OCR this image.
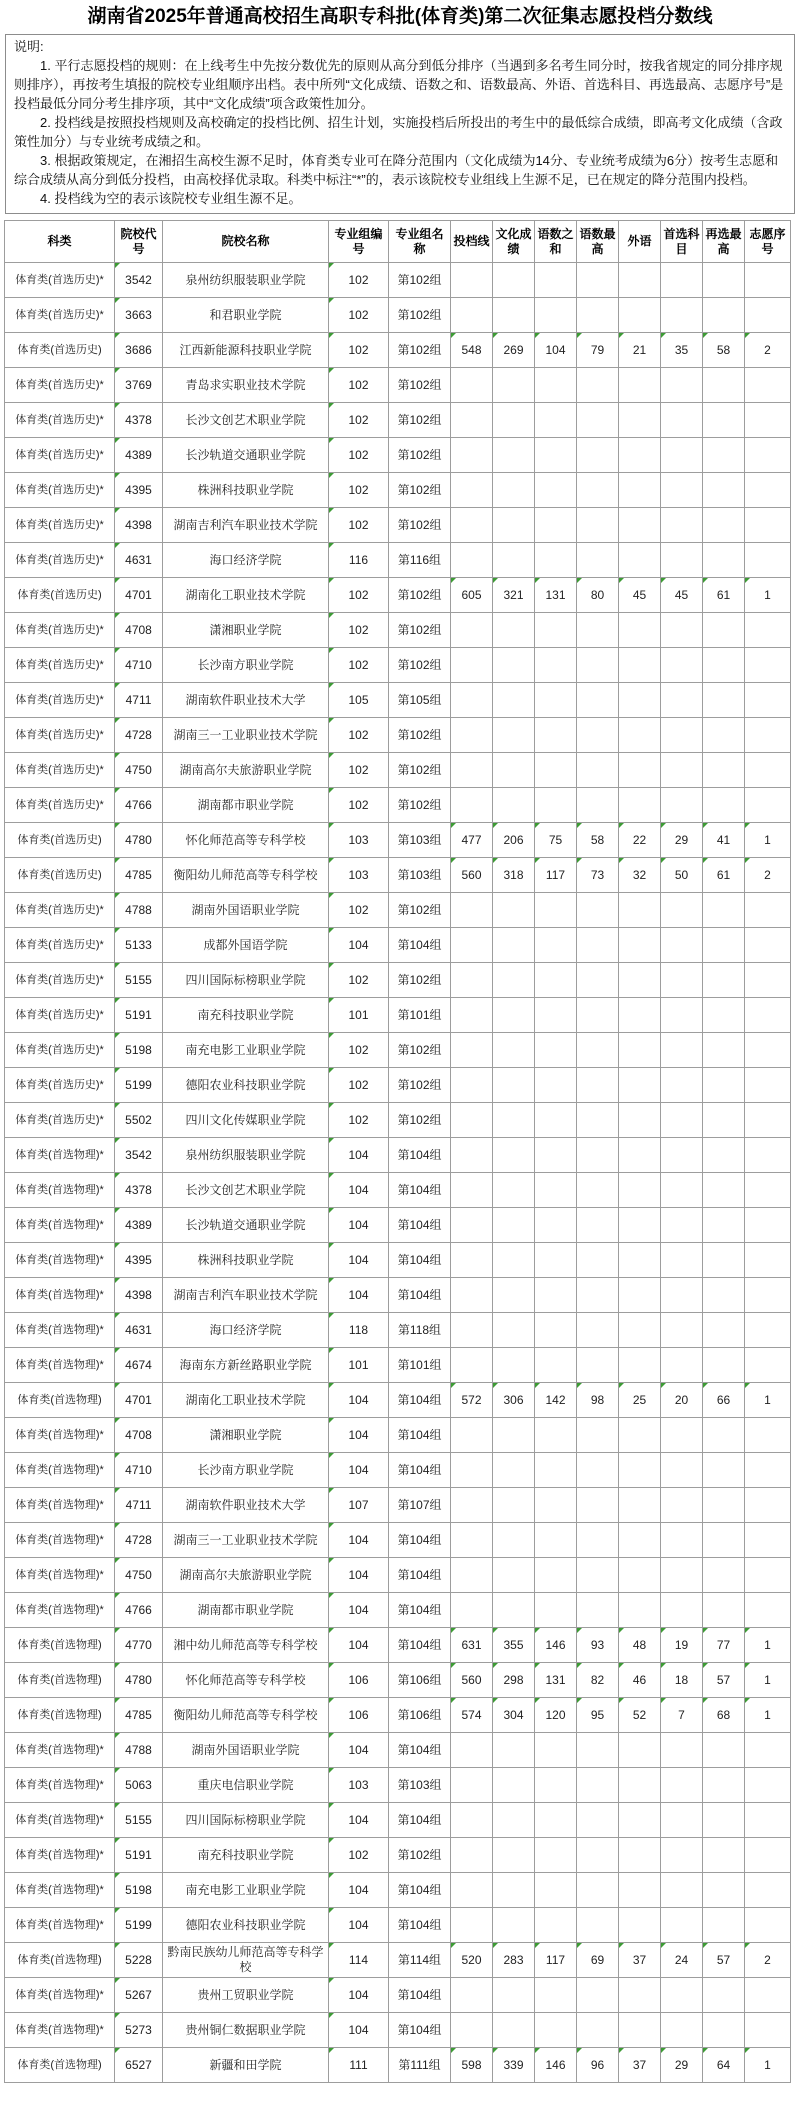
湖南省2025年普通高校招生高职专科批(体育类)第二次征集志愿投档分数线

说明:

1. 平行志愿投档的规则：在上线考生中先按分数优先的原则从高分到低分排序（当遇到多名考生同分时，按我省规定的同分排序规则排序），再按考生填报的院校专业组顺序出档。表中所列“文化成绩、语数之和、语数最高、外语、首选科目、再选最高、志愿序号”是投档最低分同分考生排序项，其中“文化成绩”项含政策性加分。

2. 投档线是按照投档规则及高校确定的投档比例、招生计划，实施投档后所投出的考生中的最低综合成绩，即高考文化成绩（含政策性加分）与专业统考成绩之和。

3. 根据政策规定，在湘招生高校生源不足时，体育类专业可在降分范围内（文化成绩为14分、专业统考成绩为6分）按考生志愿和综合成绩从高分到低分投档，由高校择优录取。科类中标注“*”的，表示该院校专业组线上生源不足，已在规定的降分范围内投档。

4. 投档线为空的表示该院校专业组生源不足。

科类	院校代号	院校名称	专业组编号	专业组名称	投档线	文化成绩	语数之和	语数最高	外语	首选科目	再选最高	志愿序号
体育类(首选历史)*	3542	泉州纺织服装职业学院	102	第102组								
体育类(首选历史)*	3663	和君职业学院	102	第102组								
体育类(首选历史)	3686	江西新能源科技职业学院	102	第102组	548	269	104	79	21	35	58	2
体育类(首选历史)*	3769	青岛求实职业技术学院	102	第102组								
体育类(首选历史)*	4378	长沙文创艺术职业学院	102	第102组								
体育类(首选历史)*	4389	长沙轨道交通职业学院	102	第102组								
体育类(首选历史)*	4395	株洲科技职业学院	102	第102组								
体育类(首选历史)*	4398	湖南吉利汽车职业技术学院	102	第102组								
体育类(首选历史)*	4631	海口经济学院	116	第116组								
体育类(首选历史)	4701	湖南化工职业技术学院	102	第102组	605	321	131	80	45	45	61	1
体育类(首选历史)*	4708	潇湘职业学院	102	第102组								
体育类(首选历史)*	4710	长沙南方职业学院	102	第102组								
体育类(首选历史)*	4711	湖南软件职业技术大学	105	第105组								
体育类(首选历史)*	4728	湖南三一工业职业技术学院	102	第102组								
体育类(首选历史)*	4750	湖南高尔夫旅游职业学院	102	第102组								
体育类(首选历史)*	4766	湖南都市职业学院	102	第102组								
体育类(首选历史)	4780	怀化师范高等专科学校	103	第103组	477	206	75	58	22	29	41	1
体育类(首选历史)	4785	衡阳幼儿师范高等专科学校	103	第103组	560	318	117	73	32	50	61	2
体育类(首选历史)*	4788	湖南外国语职业学院	102	第102组								
体育类(首选历史)*	5133	成都外国语学院	104	第104组								
体育类(首选历史)*	5155	四川国际标榜职业学院	102	第102组								
体育类(首选历史)*	5191	南充科技职业学院	101	第101组								
体育类(首选历史)*	5198	南充电影工业职业学院	102	第102组								
体育类(首选历史)*	5199	德阳农业科技职业学院	102	第102组								
体育类(首选历史)*	5502	四川文化传媒职业学院	102	第102组								
体育类(首选物理)*	3542	泉州纺织服装职业学院	104	第104组								
体育类(首选物理)*	4378	长沙文创艺术职业学院	104	第104组								
体育类(首选物理)*	4389	长沙轨道交通职业学院	104	第104组								
体育类(首选物理)*	4395	株洲科技职业学院	104	第104组								
体育类(首选物理)*	4398	湖南吉利汽车职业技术学院	104	第104组								
体育类(首选物理)*	4631	海口经济学院	118	第118组								
体育类(首选物理)*	4674	海南东方新丝路职业学院	101	第101组								
体育类(首选物理)	4701	湖南化工职业技术学院	104	第104组	572	306	142	98	25	20	66	1
体育类(首选物理)*	4708	潇湘职业学院	104	第104组								
体育类(首选物理)*	4710	长沙南方职业学院	104	第104组								
体育类(首选物理)*	4711	湖南软件职业技术大学	107	第107组								
体育类(首选物理)*	4728	湖南三一工业职业技术学院	104	第104组								
体育类(首选物理)*	4750	湖南高尔夫旅游职业学院	104	第104组								
体育类(首选物理)*	4766	湖南都市职业学院	104	第104组								
体育类(首选物理)	4770	湘中幼儿师范高等专科学校	104	第104组	631	355	146	93	48	19	77	1
体育类(首选物理)	4780	怀化师范高等专科学校	106	第106组	560	298	131	82	46	18	57	1
体育类(首选物理)	4785	衡阳幼儿师范高等专科学校	106	第106组	574	304	120	95	52	7	68	1
体育类(首选物理)*	4788	湖南外国语职业学院	104	第104组								
体育类(首选物理)*	5063	重庆电信职业学院	103	第103组								
体育类(首选物理)*	5155	四川国际标榜职业学院	104	第104组								
体育类(首选物理)*	5191	南充科技职业学院	102	第102组								
体育类(首选物理)*	5198	南充电影工业职业学院	104	第104组								
体育类(首选物理)*	5199	德阳农业科技职业学院	104	第104组								
体育类(首选物理)	5228	黔南民族幼儿师范高等专科学校	114	第114组	520	283	117	69	37	24	57	2
体育类(首选物理)*	5267	贵州工贸职业学院	104	第104组								
体育类(首选物理)*	5273	贵州铜仁数据职业学院	104	第104组								
体育类(首选物理)	6527	新疆和田学院	111	第111组	598	339	146	96	37	29	64	1
